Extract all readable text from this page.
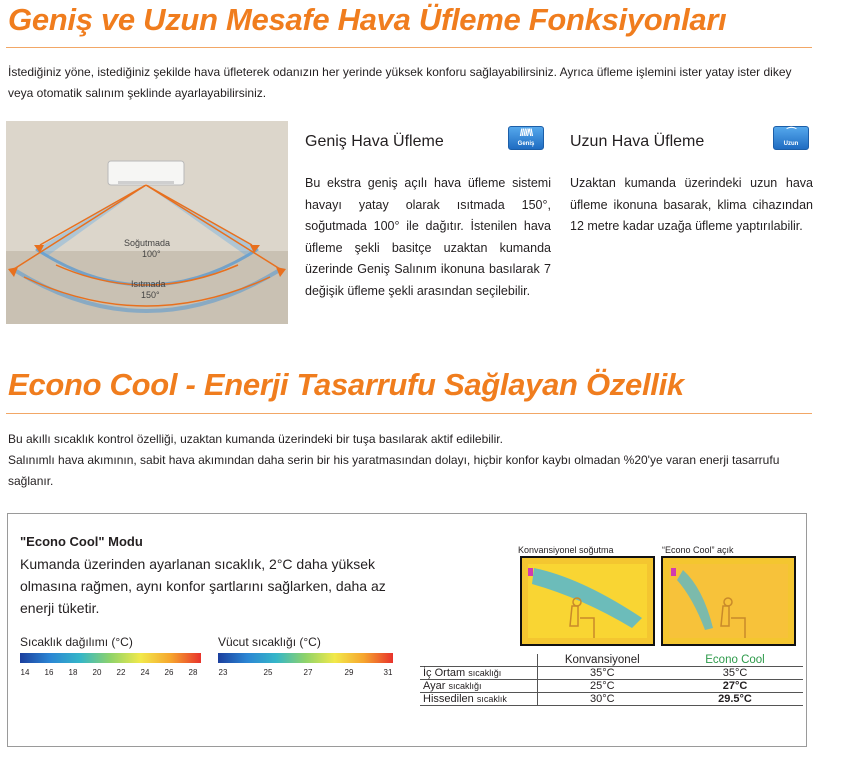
Geniş ve Uzun Mesafe Hava Üfleme Fonksiyonları
İstediğiniz yöne, istediğiniz şekilde hava üfleterek odanızın her yerinde yüksek konforu sağlayabilirsiniz. Ayrıca üfleme işlemini ister yatay ister dikey veya otomatik salınım şeklinde ayarlayabilirsiniz.
Soğutmada
100°
Isıtmada
150°
Geniş Hava Üfleme	/////\\
Geniş
Bu ekstra geniş açılı hava üfleme sistemi havayı yatay olarak ısıtmada 150°, soğutmada 100° ile dağıtır. İstenilen hava üfleme şekli basitçe uzaktan kumanda üzerinde Geniş Salınım ikonuna basılarak 7 değişik üfleme şekli arasından seçilebilir.
Uzun Hava Üfleme	⌒
Uzun
Uzaktan kumanda üzerindeki uzun hava üfleme ikonuna basarak, klima cihazından 12 metre kadar uzağa üfleme yaptırılabilir.
Econo Cool - Enerji Tasarrufu Sağlayan Özellik
Bu akıllı sıcaklık kontrol özelliği, uzaktan kumanda üzerindeki bir tuşa basılarak aktif edilebilir.
Salınımlı hava akımının, sabit hava akımından daha serin bir his yaratmasından dolayı, hiçbir konfor kaybı olmadan %20'ye varan enerji tasarrufu sağlanır.
"Econo Cool" Modu
Kumanda üzerinden ayarlanan sıcaklık, 2°C daha yüksek olmasına rağmen, aynı konfor şartlarını sağlarken, daha az enerji tüketir.
Sıcaklık dağılımı (°C)
14 16 18 20 22 24 26 28
Vücut sıcaklığı (°C)
23	25	27	29	31
Konvansiyonel soğutma	“Econo Cool” açık
	Konvansiyonel	Econo Cool
İç Ortam sıcaklığı	35°C	35°C
Ayar sıcaklığı	25°C	27°C
Hissedilen sıcaklık	30°C	29.5°C
